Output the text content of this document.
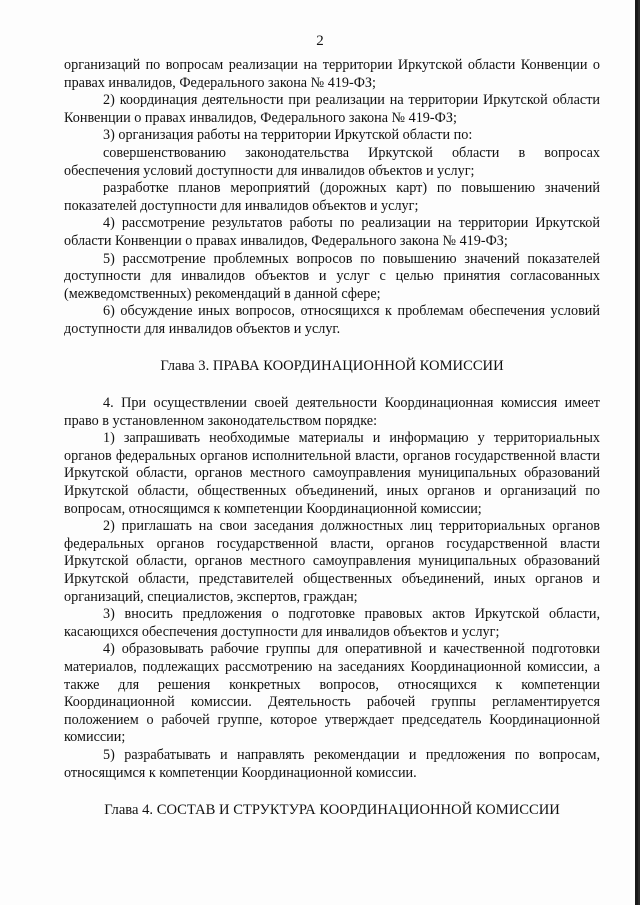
2

организаций по вопросам реализации на территории Иркутской области Конвенции о правах инвалидов, Федерального закона № 419-ФЗ;

2) координация деятельности при реализации на территории Иркутской области Конвенции о правах инвалидов, Федерального закона № 419-ФЗ;

3) организация работы на территории Иркутской области по:

совершенствованию законодательства Иркутской области в вопросах обеспечения условий доступности для инвалидов объектов и услуг;

разработке планов мероприятий (дорожных карт) по повышению значений показателей доступности для инвалидов объектов и услуг;

4) рассмотрение результатов работы по реализации на территории Иркутской области Конвенции о правах инвалидов, Федерального закона № 419-ФЗ;

5) рассмотрение проблемных вопросов по повышению значений показателей доступности для инвалидов объектов и услуг с целью принятия согласованных (межведомственных) рекомендаций в данной сфере;

6) обсуждение иных вопросов, относящихся к проблемам обеспечения условий доступности для инвалидов объектов и услуг.

Глава 3. ПРАВА КООРДИНАЦИОННОЙ КОМИССИИ

4. При осуществлении своей деятельности Координационная комиссия имеет право в установленном законодательством порядке:

1) запрашивать необходимые материалы и информацию у территориальных органов федеральных органов исполнительной власти, органов государственной власти Иркутской области, органов местного самоуправления муниципальных образований Иркутской области, общественных объединений, иных органов и организаций по вопросам, относящимся к компетенции Координационной комиссии;

2) приглашать на свои заседания должностных лиц территориальных органов федеральных органов государственной власти, органов государственной власти Иркутской области, органов местного самоуправления муниципальных образований Иркутской области, представителей общественных объединений, иных органов и организаций, специалистов, экспертов, граждан;

3) вносить предложения о подготовке правовых актов Иркутской области, касающихся обеспечения доступности для инвалидов объектов и услуг;

4) образовывать рабочие группы для оперативной и качественной подготовки материалов, подлежащих рассмотрению на заседаниях Координационной комиссии, а также для решения конкретных вопросов, относящихся к компетенции Координационной комиссии. Деятельность рабочей группы регламентируется положением о рабочей группе, которое утверждает председатель Координационной комиссии;

5) разрабатывать и направлять рекомендации и предложения по вопросам, относящимся к компетенции Координационной комиссии.

Глава 4. СОСТАВ И СТРУКТУРА КООРДИНАЦИОННОЙ КОМИССИИ
